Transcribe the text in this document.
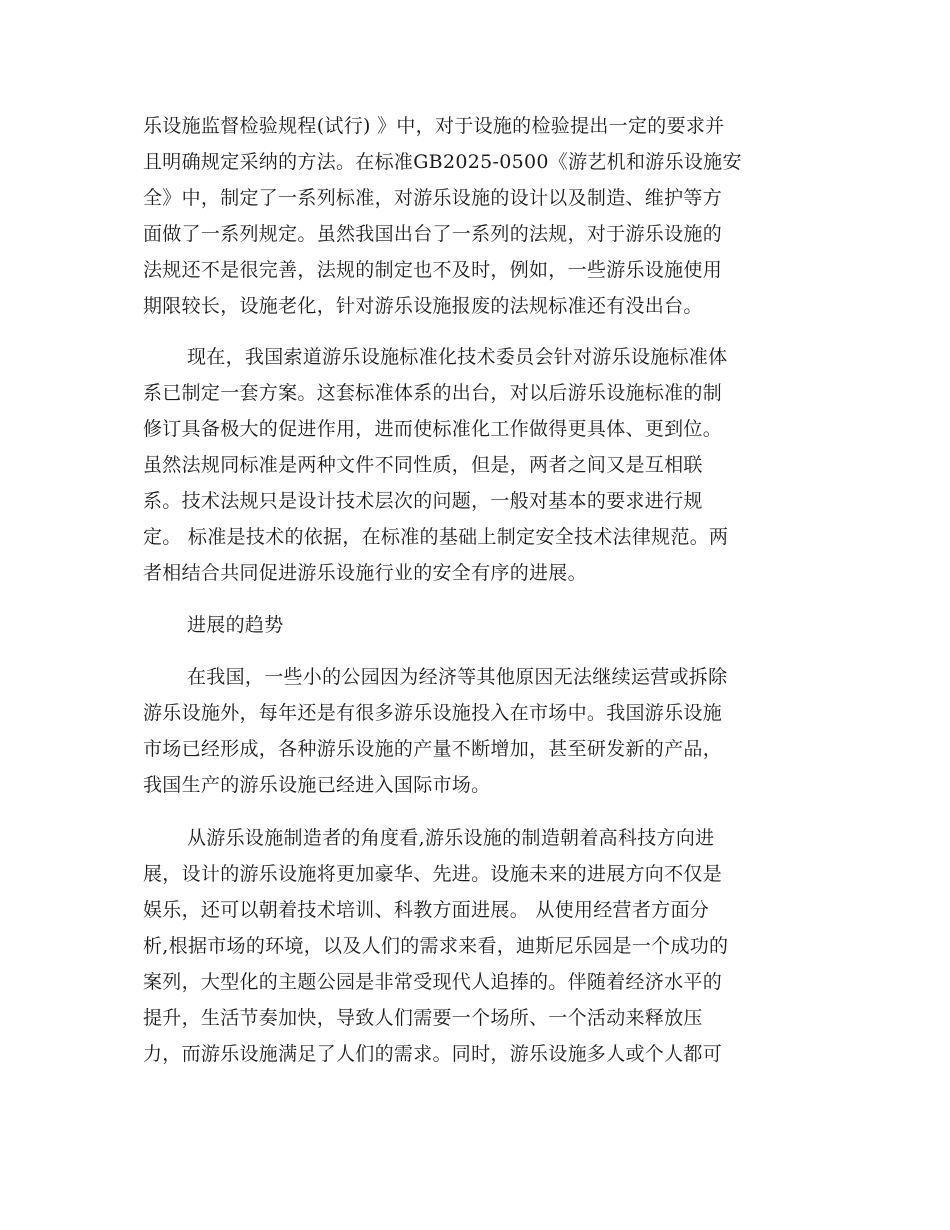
乐设施监督检验规程(试行) 》中，对于设施的检验提出一定的要求并
且明确规定采纳的方法。在标准GB2025-0500《游艺机和游乐设施安
全》中，制定了一系列标准，对游乐设施的设计以及制造、维护等方
面做了一系列规定。虽然我国出台了一系列的法规，对于游乐设施的
法规还不是很完善，法规的制定也不及时，例如，一些游乐设施使用
期限较长，设施老化，针对游乐设施报废的法规标准还有没出台。
现在，我国索道游乐设施标准化技术委员会针对游乐设施标准体
系已制定一套方案。这套标准体系的出台，对以后游乐设施标准的制
修订具备极大的促进作用，进而使标准化工作做得更具体、更到位。
虽然法规同标准是两种文件不同性质，但是，两者之间又是互相联
系。技术法规只是设计技术层次的问题，一般对基本的要求进行规
定。 标准是技术的依据，在标准的基础上制定安全技术法律规范。两
者相结合共同促进游乐设施行业的安全有序的进展。
进展的趋势
在我国，一些小的公园因为经济等其他原因无法继续运营或拆除
游乐设施外，每年还是有很多游乐设施投入在市场中。我国游乐设施
市场已经形成，各种游乐设施的产量不断增加，甚至研发新的产品，
我国生产的游乐设施已经进入国际市场。
从游乐设施制造者的角度看,游乐设施的制造朝着高科技方向进
展，设计的游乐设施将更加豪华、先进。设施未来的进展方向不仅是
娱乐，还可以朝着技术培训、科教方面进展。 从使用经营者方面分
析,根据市场的环境，以及人们的需求来看，迪斯尼乐园是一个成功的
案列，大型化的主题公园是非常受现代人追捧的。伴随着经济水平的
提升，生活节奏加快，导致人们需要一个场所、一个活动来释放压
力，而游乐设施满足了人们的需求。同时，游乐设施多人或个人都可
